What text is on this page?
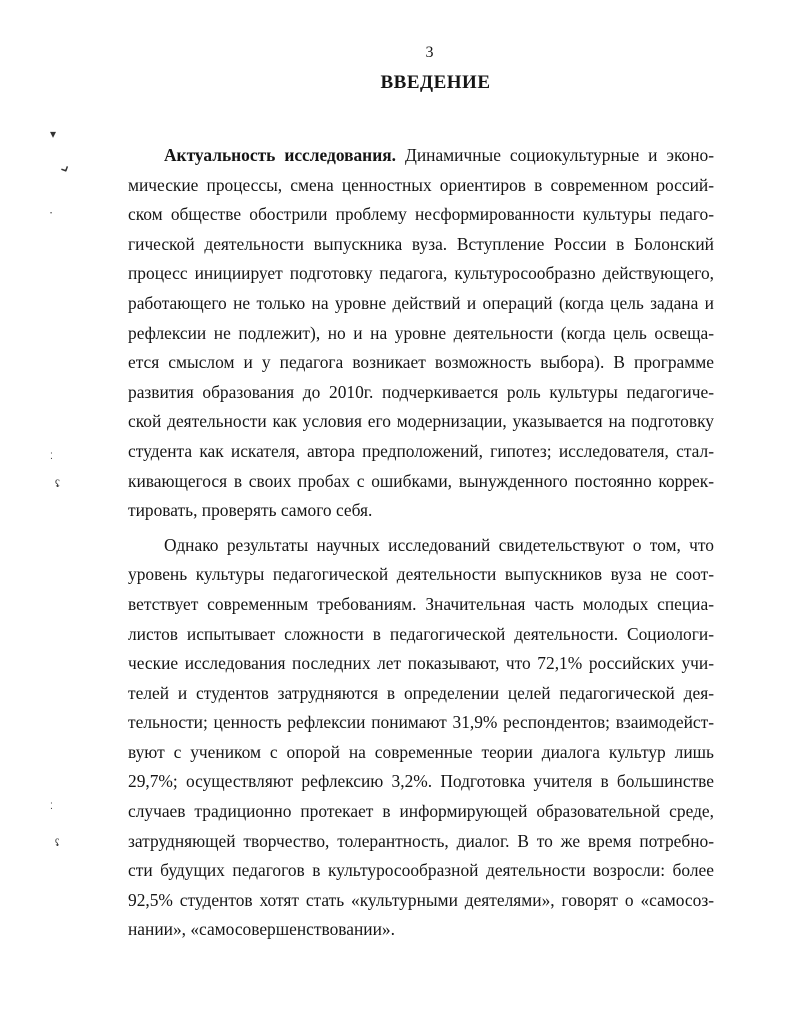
▾
⌄
•
⁚
ʢ
⁚
ʢ
3
ВВЕДЕНИЕ
Актуальность исследования. Динамичные социокультурные и эконо-
мические процессы, смена ценностных ориентиров в современном россий-
ском обществе обострили проблему несформированности культуры педаго-
гической деятельности выпускника вуза. Вступление России в Болонский
процесс инициирует подготовку педагога, культуросообразно действующего,
работающего не только на уровне действий и операций (когда цель задана и
рефлексии не подлежит), но и на уровне деятельности (когда цель освеща-
ется смыслом и у педагога возникает возможность выбора). В программе
развития образования до 2010г. подчеркивается роль культуры педагогиче-
ской деятельности как условия его модернизации, указывается на подготовку
студента как искателя, автора предположений, гипотез; исследователя, стал-
кивающегося в своих пробах с ошибками, вынужденного постоянно коррек-
тировать, проверять самого себя.
Однако результаты научных исследований свидетельствуют о том, что
уровень культуры педагогической деятельности выпускников вуза не соот-
ветствует современным требованиям. Значительная часть молодых специа-
листов испытывает сложности в педагогической деятельности. Социологи-
ческие исследования последних лет показывают, что 72,1% российских учи-
телей и студентов затрудняются в определении целей педагогической дея-
тельности; ценность рефлексии понимают 31,9% респондентов; взаимодейст-
вуют с учеником с опорой на современные теории диалога культур лишь
29,7%; осуществляют рефлексию 3,2%. Подготовка учителя в большинстве
случаев традиционно протекает в информирующей образовательной среде,
затрудняющей творчество, толерантность, диалог. В то же время потребно-
сти будущих педагогов в культуросообразной деятельности возросли: более
92,5% студентов хотят стать «культурными деятелями», говорят о «самосоз-
нании», «самосовершенствовании».
